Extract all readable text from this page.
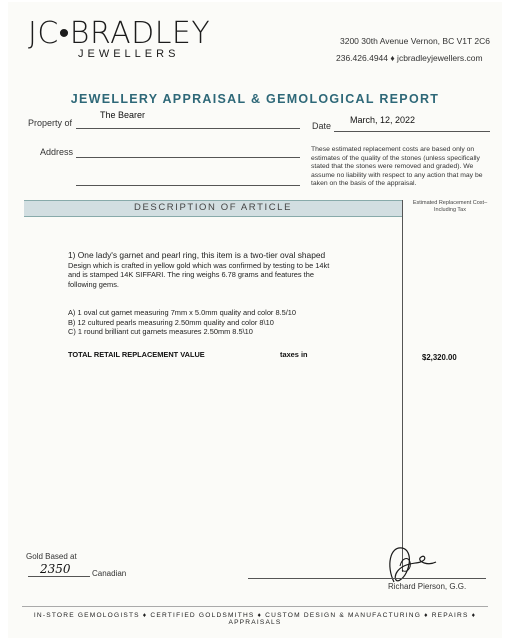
JC•BRADLEY
JEWELLERS
3200 30th Avenue Vernon, BC V1T 2C6
236.426.4944 ♦ jcbradleyjewellers.com
JEWELLERY APPRAISAL & GEMOLOGICAL REPORT
Property of
The Bearer
Date
March, 12, 2022
Address	These estimated replacement costs are based only on estimates of the quality of the stones (unless specifically stated that the stones were removed and graded). We assume no liability with respect to any action that may be taken on the basis of the appraisal.
DESCRIPTION OF ARTICLE	Estimated Replacement Cost–Including Tax
1) One lady's garnet and pearl ring, this item is a two-tier oval shaped Design which is crafted in yellow gold which was confirmed by testing to be 14kt and is stamped 14K SIFFARI. The ring weighs 6.78 grams and features the following gems.
A) 1 oval cut garnet measuring 7mm x 5.0mm quality and color 8.5/10
B) 12 cultured pearls measuring 2.50mm quality and color 8\10
C) 1 round brilliant cut garnets measures 2.50mm 8.5\10
TOTAL RETAIL REPLACEMENT VALUE	taxes in	$2,320.00
Gold Based at
2350	Canadian
Richard Pierson, G.G.
IN-STORE GEMOLOGISTS ♦ CERTIFIED GOLDSMITHS ♦ CUSTOM DESIGN & MANUFACTURING ♦ REPAIRS ♦ APPRAISALS
